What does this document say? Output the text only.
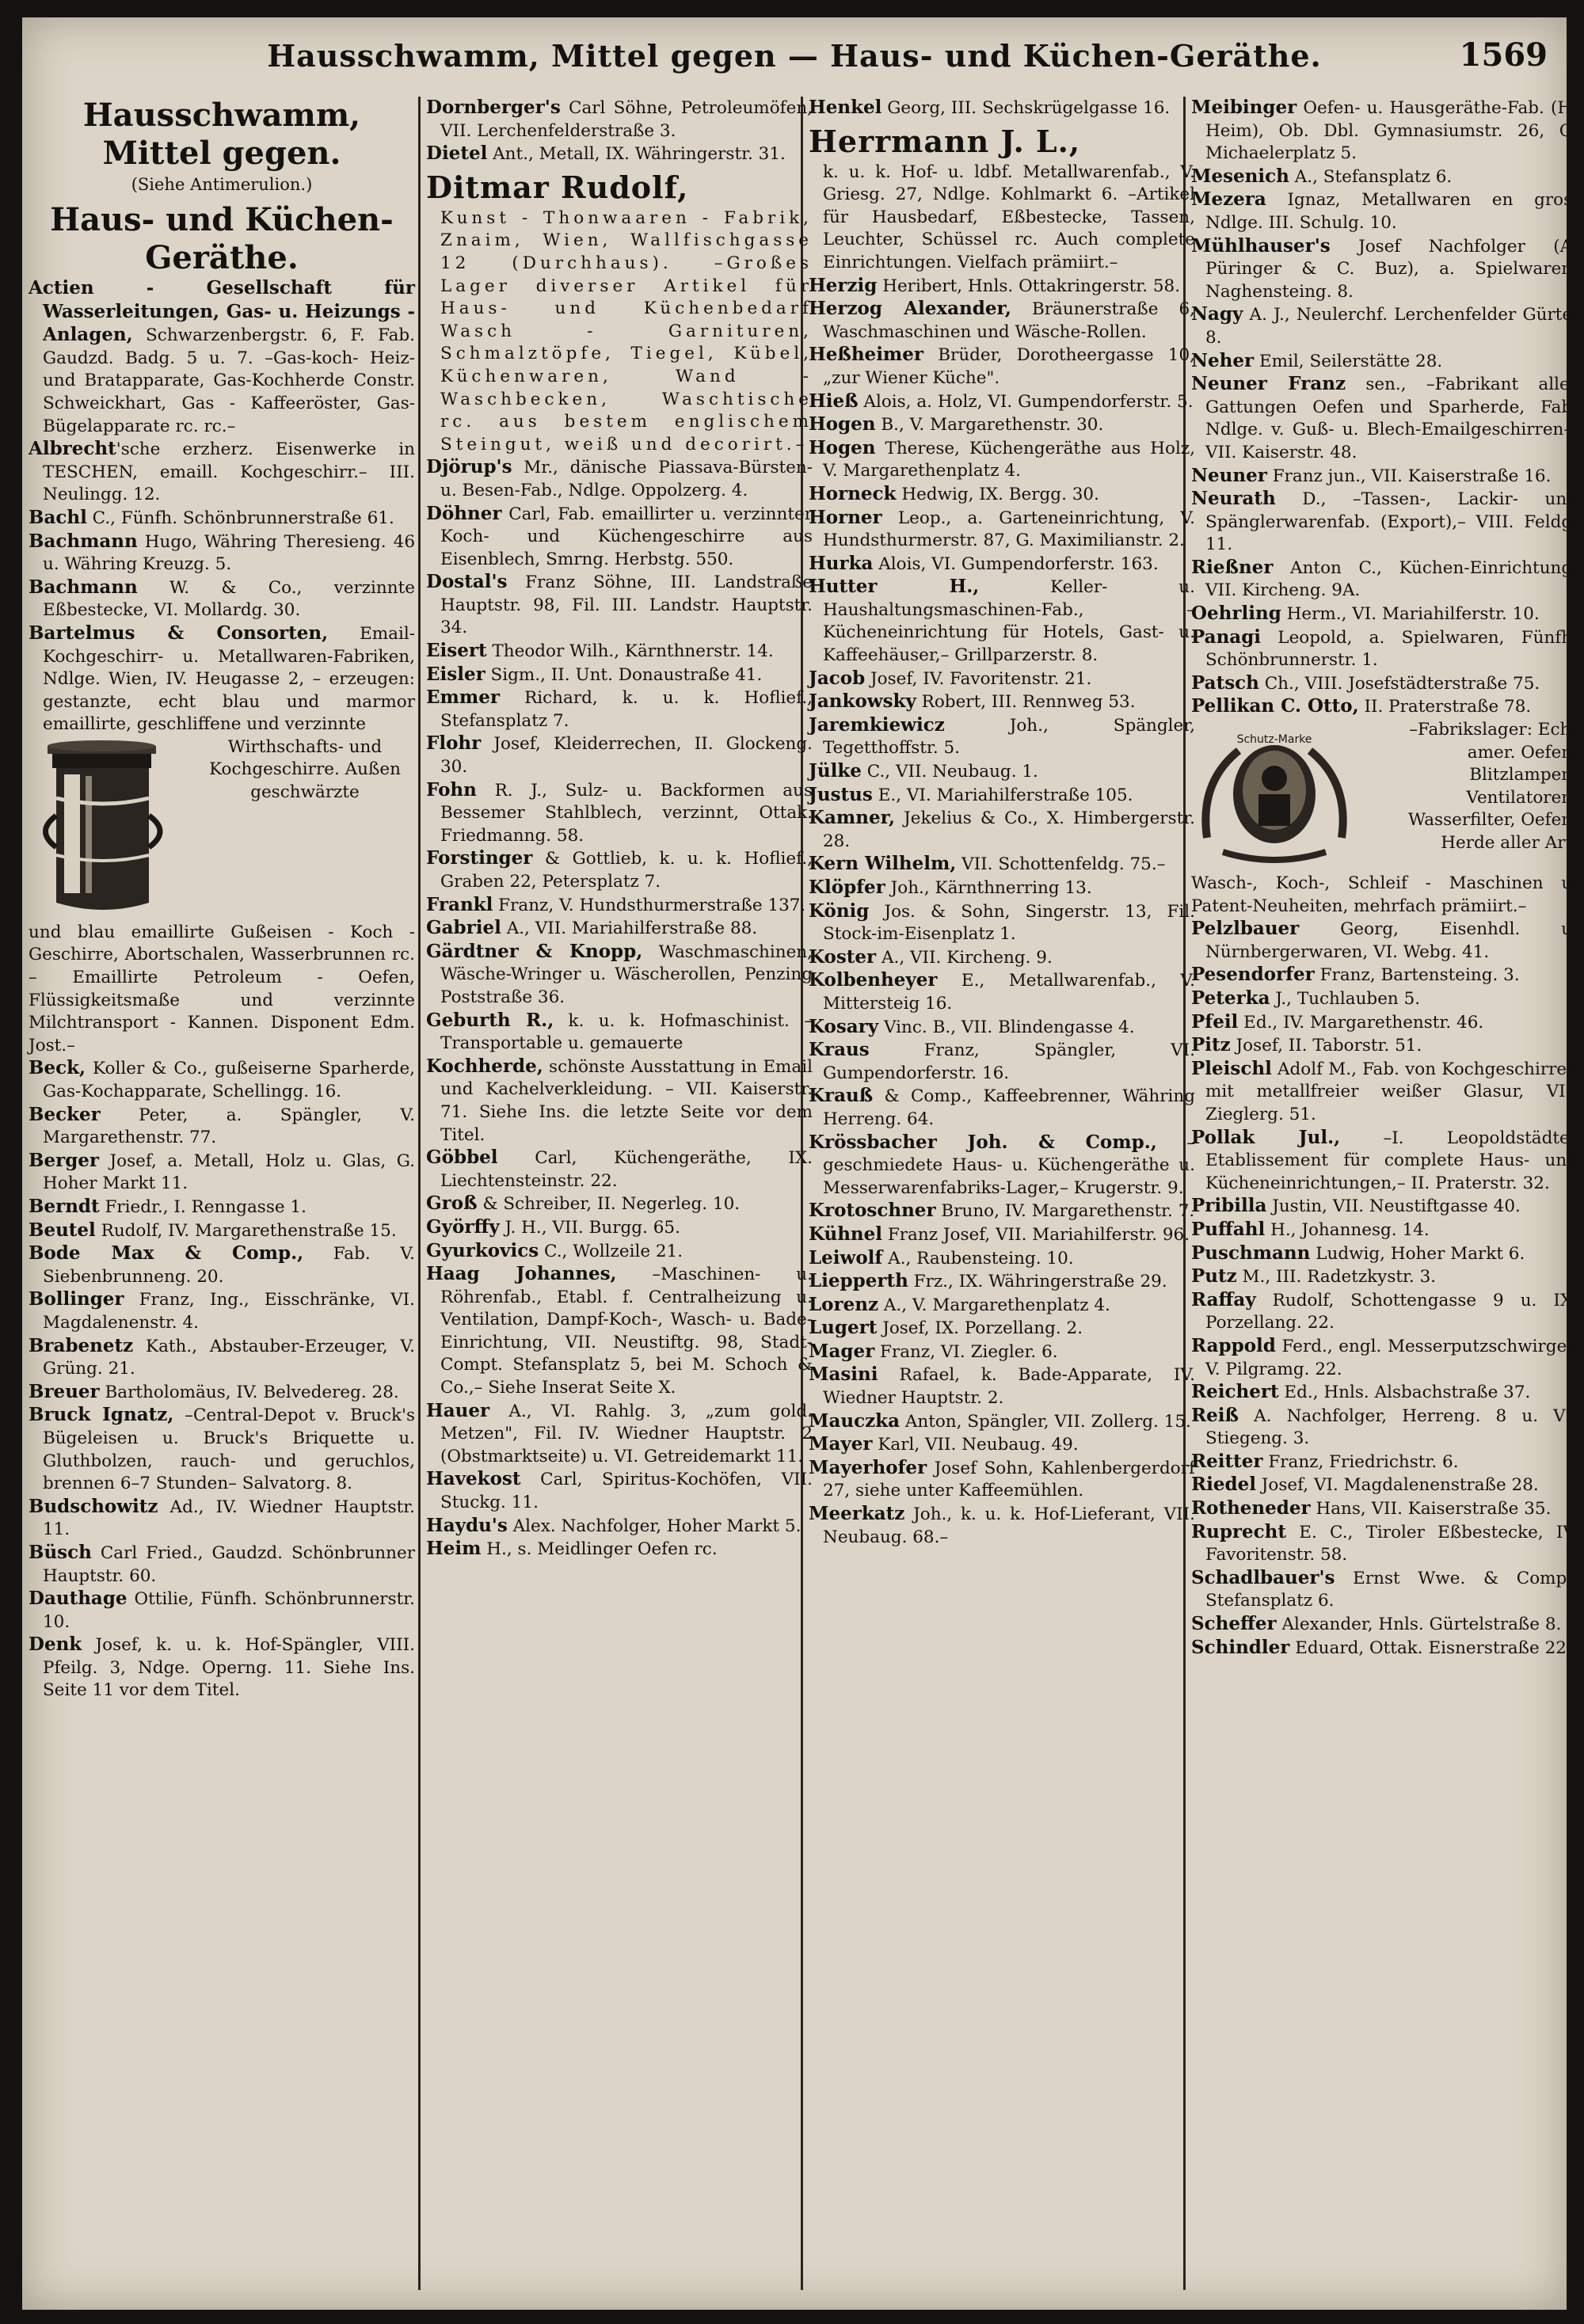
Hausschwamm, Mittel gegen — Haus- und Küchen-Geräthe.	1569

Hausschwamm, Mittel gegen.

(Siehe Antimerulion.)

Haus- und Küchen-Geräthe.

Actien - Gesellschaft für Wasserleitungen, Gas- u. Heizungs - Anlagen, Schwarzenbergstr. 6, F. Fab. Gaudzd. Badg. 5 u. 7. –Gas-koch- Heiz- und Bratapparate, Gas-Kochherde Constr. Schweickhart, Gas - Kaffeeröster, Gas-Bügelapparate rc. rc.–

Albrecht'sche erzherz. Eisenwerke in TESCHEN, emaill. Kochgeschirr.– III. Neulingg. 12.

Bachl C., Fünfh. Schönbrunnerstraße 61.

Bachmann Hugo, Währing Theresieng. 46 u. Währing Kreuzg. 5.

Bachmann W. & Co., verzinnte Eßbestecke, VI. Mollardg. 30.

Bartelmus & Consorten, Email-Kochgeschirr- u. Metallwaren-Fabriken, Ndlge. Wien, IV. Heugasse 2, – erzeugen: gestanzte, echt blau und marmor emaillirte, geschliffene und verzinnte

Wirthschafts- und Kochgeschirre. Außen geschwärzte

und blau emaillirte Gußeisen - Koch - Geschirre, Abortschalen, Wasserbrunnen rc. – Emaillirte Petroleum - Oefen, Flüssigkeitsmaße und verzinnte Milchtransport - Kannen. Disponent Edm. Jost.–

Beck, Koller & Co., gußeiserne Sparherde, Gas-Kochapparate, Schellingg. 16.

Becker Peter, a. Spängler, V. Margarethenstr. 77.

Berger Josef, a. Metall, Holz u. Glas, G. Hoher Markt 11.

Berndt Friedr., I. Renngasse 1.

Beutel Rudolf, IV. Margarethenstraße 15.

Bode Max & Comp., Fab. V. Siebenbrunneng. 20.

Bollinger Franz, Ing., Eisschränke, VI. Magdalenenstr. 4.

Brabenetz Kath., Abstauber-Erzeuger, V. Grüng. 21.

Breuer Bartholomäus, IV. Belvedereg. 28.

Bruck Ignatz, –Central-Depot v. Bruck's Bügeleisen u. Bruck's Briquette u. Gluthbolzen, rauch- und geruchlos, brennen 6–7 Stunden– Salvatorg. 8.

Budschowitz Ad., IV. Wiedner Hauptstr. 11.

Büsch Carl Fried., Gaudzd. Schönbrunner Hauptstr. 60.

Dauthage Ottilie, Fünfh. Schönbrunnerstr. 10.

Denk Josef, k. u. k. Hof-Spängler, VIII. Pfeilg. 3, Ndge. Operng. 11. Siehe Ins. Seite 11 vor dem Titel.

Dornberger's Carl Söhne, Petroleumöfen, VII. Lerchenfelderstraße 3.

Dietel Ant., Metall, IX. Währingerstr. 31.

Ditmar Rudolf,
Kunst - Thonwaaren - Fabrik, Znaim, Wien, Wallfischgasse 12 (Durchhaus). –Großes Lager diverser Artikel für Haus- und Küchenbedarf Wasch - Garnituren, Schmalztöpfe, Tiegel, Kübel, Küchenwaren, Wand - Waschbecken, Waschtische rc. aus bestem englischem Steingut, weiß und decorirt.–

Djörup's Mr., dänische Piassava-Bürsten- u. Besen-Fab., Ndlge. Oppolzerg. 4.

Döhner Carl, Fab. emaillirter u. verzinnter Koch- und Küchengeschirre aus Eisenblech, Smrng. Herbstg. 550.

Dostal's Franz Söhne, III. Landstraße Hauptstr. 98, Fil. III. Landstr. Hauptstr. 34.

Eisert Theodor Wilh., Kärnthnerstr. 14.

Eisler Sigm., II. Unt. Donaustraße 41.

Emmer Richard, k. u. k. Hoflief., Stefansplatz 7.

Flohr Josef, Kleiderrechen, II. Glockeng. 30.

Fohn R. J., Sulz- u. Backformen aus Bessemer Stahlblech, verzinnt, Ottak. Friedmanng. 58.

Forstinger & Gottlieb, k. u. k. Hoflief., Graben 22, Petersplatz 7.

Frankl Franz, V. Hundsthurmerstraße 137.

Gabriel A., VII. Mariahilferstraße 88.

Gärdtner & Knopp, Waschmaschinen, Wäsche-Wringer u. Wäscherollen, Penzing Poststraße 36.

Geburth R., k. u. k. Hofmaschinist. –Transportable u. gemauerte

Kochherde, schönste Ausstattung in Email und Kachelverkleidung. – VII. Kaiserstr. 71. Siehe Ins. die letzte Seite vor dem Titel.

Göbbel Carl, Küchengeräthe, IX. Liechtensteinstr. 22.

Groß & Schreiber, II. Negerleg. 10.

Györffy J. H., VII. Burgg. 65.

Gyurkovics C., Wollzeile 21.

Haag Johannes, –Maschinen- u. Röhrenfab., Etabl. f. Centralheizung u. Ventilation, Dampf-Koch-, Wasch- u. Bade-Einrichtung, VII. Neustiftg. 98, Stadt-Compt. Stefansplatz 5, bei M. Schoch & Co.,– Siehe Inserat Seite X.

Hauer A., VI. Rahlg. 3, „zum gold. Metzen", Fil. IV. Wiedner Hauptstr. 2 (Obstmarktseite) u. VI. Getreidemarkt 11.

Havekost Carl, Spiritus-Kochöfen, VII. Stuckg. 11.

Haydu's Alex. Nachfolger, Hoher Markt 5.

Heim H., s. Meidlinger Oefen rc.

Henkel Georg, III. Sechskrügelgasse 16.

Herrmann J. L.,
k. u. k. Hof- u. ldbf. Metallwarenfab., V. Griesg. 27, Ndlge. Kohlmarkt 6. –Artikel für Hausbedarf, Eßbestecke, Tassen, Leuchter, Schüssel rc. Auch complete Einrichtungen. Vielfach prämiirt.–

Herzig Heribert, Hnls. Ottakringerstr. 58.

Herzog Alexander, Bräunerstraße 6, Waschmaschinen und Wäsche-Rollen.

Heßheimer Brüder, Dorotheergasse 10, „zur Wiener Küche".

Hieß Alois, a. Holz, VI. Gumpendorferstr. 5.

Hogen B., V. Margarethenstr. 30.

Hogen Therese, Küchengeräthe aus Holz, V. Margarethenplatz 4.

Horneck Hedwig, IX. Bergg. 30.

Horner Leop., a. Garteneinrichtung, V. Hundsthurmerstr. 87, G. Maximilianstr. 2.

Hurka Alois, VI. Gumpendorferstr. 163.

Hutter H., Keller- u. Haushaltungsmaschinen-Fab., –Kücheneinrichtung für Hotels, Gast- u. Kaffeehäuser,– Grillparzerstr. 8.

Jacob Josef, IV. Favoritenstr. 21.

Jankowsky Robert, III. Rennweg 53.

Jaremkiewicz Joh., Spängler, Tegetthoffstr. 5.

Jülke C., VII. Neubaug. 1.

Justus E., VI. Mariahilferstraße 105.

Kamner, Jekelius & Co., X. Himbergerstr. 28.

Kern Wilhelm, VII. Schottenfeldg. 75.–

Klöpfer Joh., Kärnthnerring 13.

König Jos. & Sohn, Singerstr. 13, Fil. Stock-im-Eisenplatz 1.

Koster A., VII. Kircheng. 9.

Kolbenheyer E., Metallwarenfab., V. Mittersteig 16.

Kosary Vinc. B., VII. Blindengasse 4.

Kraus Franz, Spängler, VI. Gumpendorferstr. 16.

Krauß & Comp., Kaffeebrenner, Währing Herreng. 64.

Krössbacher Joh. & Comp., –geschmiedete Haus- u. Küchengeräthe u. Messerwarenfabriks-Lager,– Krugerstr. 9.

Krotoschner Bruno, IV. Margarethenstr. 7.

Kühnel Franz Josef, VII. Mariahilferstr. 96.

Leiwolf A., Raubensteing. 10.

Liepperth Frz., IX. Währingerstraße 29.

Lorenz A., V. Margarethenplatz 4.

Lugert Josef, IX. Porzellang. 2.

Mager Franz, VI. Ziegler. 6.

Masini Rafael, k. Bade-Apparate, IV. Wiedner Hauptstr. 2.

Mauczka Anton, Spängler, VII. Zollerg. 15.

Mayer Karl, VII. Neubaug. 49.

Mayerhofer Josef Sohn, Kahlenbergerdorf 27, siehe unter Kaffeemühlen.

Meerkatz Joh., k. u. k. Hof-Lieferant, VII. Neubaug. 68.–

Meibinger Oefen- u. Hausgeräthe-Fab. (H. Heim), Ob. Dbl. Gymnasiumstr. 26, G. Michaelerplatz 5.

Mesenich A., Stefansplatz 6.

Mezera Ignaz, Metallwaren en gros, Ndlge. III. Schulg. 10.

Mühlhauser's Josef Nachfolger (A. Püringer & C. Buz), a. Spielwaren, Naghensteing. 8.

Nagy A. J., Neulerchf. Lerchenfelder Gürtel 8.

Neher Emil, Seilerstätte 28.

Neuner Franz sen., –Fabrikant aller Gattungen Oefen und Sparherde, Fab. Ndlge. v. Guß- u. Blech-Emailgeschirren–, VII. Kaiserstr. 48.

Neuner Franz jun., VII. Kaiserstraße 16.

Neurath D., –Tassen-, Lackir- und Spänglerwarenfab. (Export),– VIII. Feldg. 11.

Rießner Anton C., Küchen-Einrichtung, VII. Kircheng. 9A.

Oehrling Herm., VI. Mariahilferstr. 10.

Panagi Leopold, a. Spielwaren, Fünfh. Schönbrunnerstr. 1.

Patsch Ch., VIII. Josefstädterstraße 75.

Pellikan C. Otto, II. Praterstraße 78.

Schutz-Marke	–Fabrikslager: Echt amer. Oefen, Blitzlampen, Ventilatoren, Wasserfilter, Oefen, Herde aller Art,

Wasch-, Koch-, Schleif - Maschinen u. Patent-Neuheiten, mehrfach prämiirt.–

Pelzlbauer Georg, Eisenhdl. u. Nürnbergerwaren, VI. Webg. 41.

Pesendorfer Franz, Bartensteing. 3.

Peterka J., Tuchlauben 5.

Pfeil Ed., IV. Margarethenstr. 46.

Pitz Josef, II. Taborstr. 51.

Pleischl Adolf M., Fab. von Kochgeschirren mit metallfreier weißer Glasur, VII. Zieglerg. 51.

Pollak Jul., –I. Leopoldstädter Etablissement für complete Haus- und Kücheneinrichtungen,– II. Praterstr. 32.

Pribilla Justin, VII. Neustiftgasse 40.

Puffahl H., Johannesg. 14.

Puschmann Ludwig, Hoher Markt 6.

Putz M., III. Radetzkystr. 3.

Raffay Rudolf, Schottengasse 9 u. IX. Porzellang. 22.

Rappold Ferd., engl. Messerputzschwirgel, V. Pilgramg. 22.

Reichert Ed., Hnls. Alsbachstraße 37.

Reiß A. Nachfolger, Herreng. 8 u. VI. Stiegeng. 3.

Reitter Franz, Friedrichstr. 6.

Riedel Josef, VI. Magdalenenstraße 28.

Rotheneder Hans, VII. Kaiserstraße 35.

Ruprecht E. C., Tiroler Eßbestecke, IV. Favoritenstr. 58.

Schadlbauer's Ernst Wwe. & Comp., Stefansplatz 6.

Scheffer Alexander, Hnls. Gürtelstraße 8.

Schindler Eduard, Ottak. Eisnerstraße 22.
